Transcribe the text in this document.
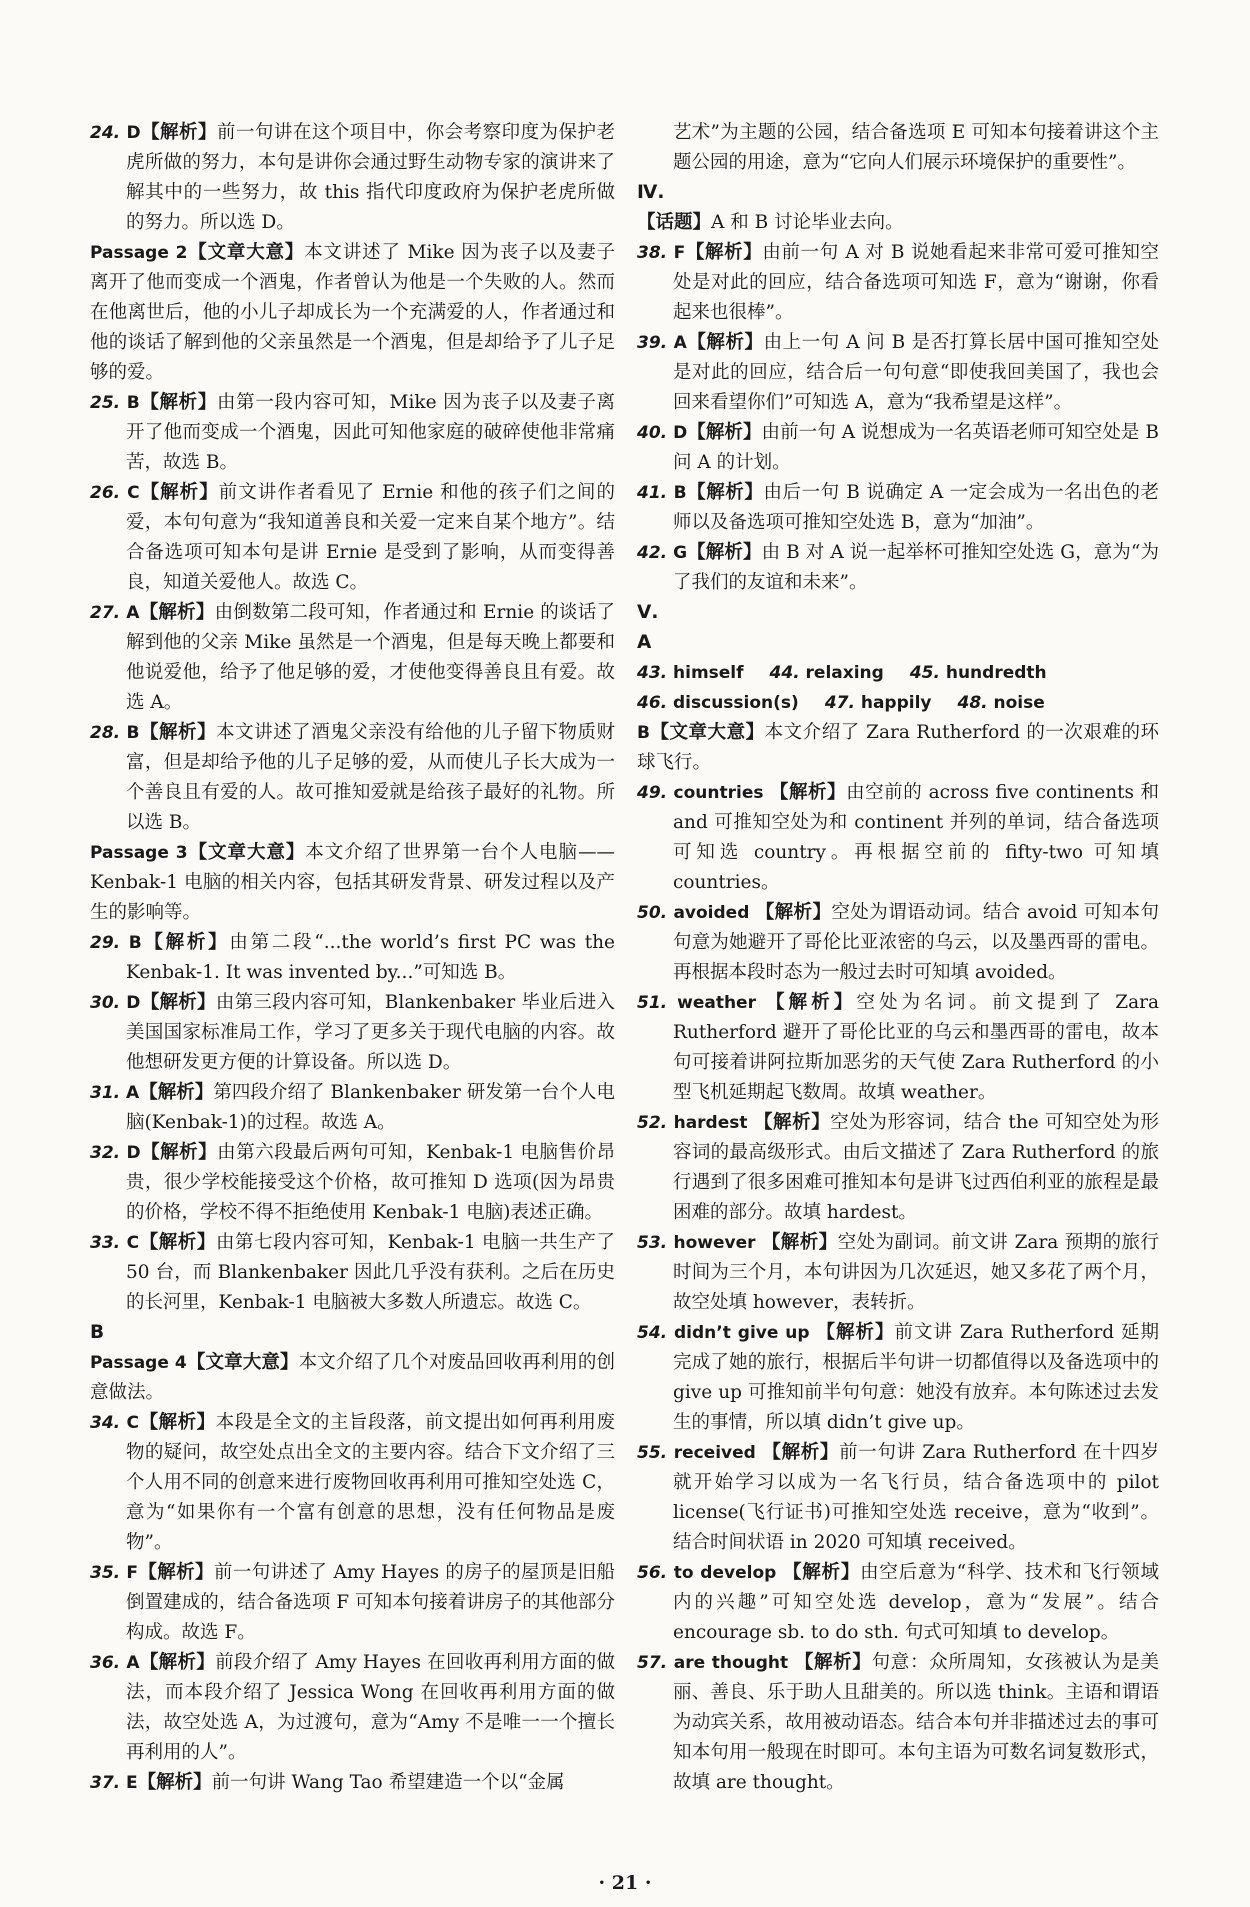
24. D【解析】前一句讲在这个项目中，你会考察印度为保护老虎所做的努力，本句是讲你会通过野生动物专家的演讲来了解其中的一些努力，故 this 指代印度政府为保护老虎所做的努力。所以选 D。

Passage 2【文章大意】本文讲述了 Mike 因为丧子以及妻子离开了他而变成一个酒鬼，作者曾认为他是一个失败的人。然而在他离世后，他的小儿子却成长为一个充满爱的人，作者通过和他的谈话了解到他的父亲虽然是一个酒鬼，但是却给予了儿子足够的爱。

25. B【解析】由第一段内容可知，Mike 因为丧子以及妻子离开了他而变成一个酒鬼，因此可知他家庭的破碎使他非常痛苦，故选 B。

26. C【解析】前文讲作者看见了 Ernie 和他的孩子们之间的爱，本句句意为“我知道善良和关爱一定来自某个地方”。结合备选项可知本句是讲 Ernie 是受到了影响，从而变得善良，知道关爱他人。故选 C。

27. A【解析】由倒数第二段可知，作者通过和 Ernie 的谈话了解到他的父亲 Mike 虽然是一个酒鬼，但是每天晚上都要和他说爱他，给予了他足够的爱，才使他变得善良且有爱。故选 A。

28. B【解析】本文讲述了酒鬼父亲没有给他的儿子留下物质财富，但是却给予他的儿子足够的爱，从而使儿子长大成为一个善良且有爱的人。故可推知爱就是给孩子最好的礼物。所以选 B。

Passage 3【文章大意】本文介绍了世界第一台个人电脑——Kenbak-1 电脑的相关内容，包括其研发背景、研发过程以及产生的影响等。

29. B【解析】由第二段“...the world’s first PC was the Kenbak-1. It was invented by...”可知选 B。

30. D【解析】由第三段内容可知，Blankenbaker 毕业后进入美国国家标准局工作，学习了更多关于现代电脑的内容。故他想研发更方便的计算设备。所以选 D。

31. A【解析】第四段介绍了 Blankenbaker 研发第一台个人电脑(Kenbak-1)的过程。故选 A。

32. D【解析】由第六段最后两句可知，Kenbak-1 电脑售价昂贵，很少学校能接受这个价格，故可推知 D 选项(因为昂贵的价格，学校不得不拒绝使用 Kenbak-1 电脑)表述正确。

33. C【解析】由第七段内容可知，Kenbak-1 电脑一共生产了 50 台，而 Blankenbaker 因此几乎没有获利。之后在历史的长河里，Kenbak-1 电脑被大多数人所遗忘。故选 C。

B

Passage 4【文章大意】本文介绍了几个对废品回收再利用的创意做法。

34. C【解析】本段是全文的主旨段落，前文提出如何再利用废物的疑问，故空处点出全文的主要内容。结合下文介绍了三个人用不同的创意来进行废物回收再利用可推知空处选 C，意为“如果你有一个富有创意的思想，没有任何物品是废物”。

35. F【解析】前一句讲述了 Amy Hayes 的房子的屋顶是旧船倒置建成的，结合备选项 F 可知本句接着讲房子的其他部分构成。故选 F。

36. A【解析】前段介绍了 Amy Hayes 在回收再利用方面的做法，而本段介绍了 Jessica Wong 在回收再利用方面的做法，故空处选 A，为过渡句，意为“Amy 不是唯一一个擅长再利用的人”。

37. E【解析】前一句讲 Wang Tao 希望建造一个以“金属

艺术”为主题的公园，结合备选项 E 可知本句接着讲这个主题公园的用途，意为“它向人们展示环境保护的重要性”。

Ⅳ.

【话题】A 和 B 讨论毕业去向。

38. F【解析】由前一句 A 对 B 说她看起来非常可爱可推知空处是对此的回应，结合备选项可知选 F，意为“谢谢，你看起来也很棒”。

39. A【解析】由上一句 A 问 B 是否打算长居中国可推知空处是对此的回应，结合后一句句意“即使我回美国了，我也会回来看望你们”可知选 A，意为“我希望是这样”。

40. D【解析】由前一句 A 说想成为一名英语老师可知空处是 B 问 A 的计划。

41. B【解析】由后一句 B 说确定 A 一定会成为一名出色的老师以及备选项可推知空处选 B，意为“加油”。

42. G【解析】由 B 对 A 说一起举杯可推知空处选 G，意为“为了我们的友谊和未来”。

Ⅴ.

A

43. himself 44. relaxing 45. hundredth

46. discussion(s) 47. happily 48. noise

B【文章大意】本文介绍了 Zara Rutherford 的一次艰难的环球飞行。

49. countries 【解析】由空前的 across five continents 和 and 可推知空处为和 continent 并列的单词，结合备选项可知选 country。再根据空前的 fifty-two 可知填 countries。

50. avoided 【解析】空处为谓语动词。结合 avoid 可知本句句意为她避开了哥伦比亚浓密的乌云，以及墨西哥的雷电。再根据本段时态为一般过去时可知填 avoided。

51. weather 【解析】空处为名词。前文提到了 Zara Rutherford 避开了哥伦比亚的乌云和墨西哥的雷电，故本句可接着讲阿拉斯加恶劣的天气使 Zara Rutherford 的小型飞机延期起飞数周。故填 weather。

52. hardest 【解析】空处为形容词，结合 the 可知空处为形容词的最高级形式。由后文描述了 Zara Rutherford 的旅行遇到了很多困难可推知本句是讲飞过西伯利亚的旅程是最困难的部分。故填 hardest。

53. however 【解析】空处为副词。前文讲 Zara 预期的旅行时间为三个月，本句讲因为几次延迟，她又多花了两个月，故空处填 however，表转折。

54. didn’t give up 【解析】前文讲 Zara Rutherford 延期完成了她的旅行，根据后半句讲一切都值得以及备选项中的 give up 可推知前半句句意：她没有放弃。本句陈述过去发生的事情，所以填 didn’t give up。

55. received 【解析】前一句讲 Zara Rutherford 在十四岁就开始学习以成为一名飞行员，结合备选项中的 pilot license(飞行证书)可推知空处选 receive，意为“收到”。结合时间状语 in 2020 可知填 received。

56. to develop 【解析】由空后意为“科学、技术和飞行领域内的兴趣”可知空处选 develop，意为“发展”。结合 encourage sb. to do sth. 句式可知填 to develop。

57. are thought 【解析】句意：众所周知，女孩被认为是美丽、善良、乐于助人且甜美的。所以选 think。主语和谓语为动宾关系，故用被动语态。结合本句并非描述过去的事可知本句用一般现在时即可。本句主语为可数名词复数形式，故填 are thought。

· 21 ·
